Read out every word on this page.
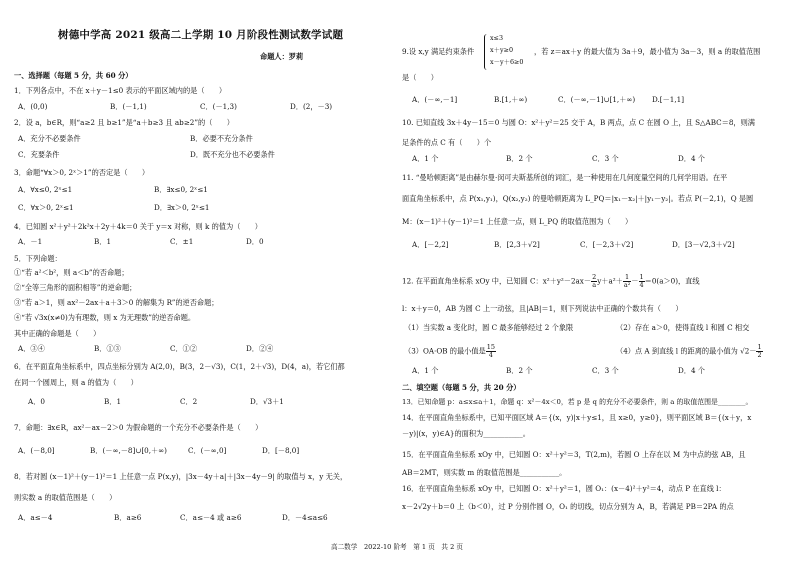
树德中学高 2021 级高二上学期 10 月阶段性测试数学试题
命题人：罗莉
一、选择题（每题 5 分，共 60 分）
1．下列各点中，不在 x＋y－1≤0 表示的平面区域内的是（　　）
A．(0,0)	B．(－1,1)	C．(－1,3)	D．(2，－3)
2．设 a，b∈R，则“a≥2 且 b≥1”是“a＋b≥3 且 ab≥2”的（　　）
A．充分不必要条件	B．必要不充分条件
C．充要条件	D．既不充分也不必要条件
3．命题“∀x＞0, 2ˣ＞1”的否定是（　　）
A．∀x≤0, 2ˣ≤1	B．∃x≤0, 2ˣ≤1
C．∀x＞0, 2ˣ≤1	D．∃x＞0, 2ˣ≤1
4．已知圆 x²＋y²＋2k²x＋2y＋4k＝0 关于 y＝x 对称，则 k 的值为（　　）
A．－1	B．1	C．±1	D．0
5．下列命题：
①“若 a²＜b²，则 a＜b”的否命题；
②“全等三角形的面积相等”的逆命题；
③“若 a＞1，则 ax²－2ax＋a＋3＞0 的解集为 R”的逆否命题；
④“若 √3x(x≠0)为有理数，则 x 为无理数”的逆否命题。
其中正确的命题是（　　）
A．③④	B．①③	C．①②	D．②④
6．在平面直角坐标系中，四点坐标分别为 A(2,0)，B(3，2－√3)，C(1，2＋√3)，D(4，a)，若它们都
在同一个圆周上，则 a 的值为（　　）
A．0	B．1	C．2	D．√3＋1
7．命题：∃x∈R，ax²－ax－2＞0 为假命题的一个充分不必要条件是（　　）
A．(－8,0]	B．(－∞,－8]∪[0,＋∞)	C．(－∞,0]	D．[－8,0]
8．若对圆 (x－1)²＋(y－1)²＝1 上任意一点 P(x,y)，|3x－4y＋a|＋|3x－4y－9| 的取值与 x，y 无关，
则实数 a 的取值范围是（　　）
A．a≤－4	B．a≥6	C．a≤－4 或 a≥6	D．－4≤a≤6
9.设 x,y 满足约束条件
x≤3
x＋y≥0
x－y＋6≥0
，若 z＝ax＋y 的最大值为 3a＋9，最小值为 3a－3，则 a 的取值范围
是（　　）
A．(－∞,－1]	B.[1,＋∞)	C．(－∞,－1]∪[1,＋∞) D.[－1,1]
10. 已知直线 3x＋4y－15＝0 与圆 O：x²＋y²＝25 交于 A，B 两点，点 C 在圆 O 上，且 S△ABC＝8，则满
足条件的点 C 有（　　）个
A．1 个	B．2 个	C．3 个	D．4 个
11. “曼哈顿距离”是由赫尔曼·闵可夫斯基所创的词汇，是一种使用在几何度量空间的几何学用语。在平
面直角坐标系中，点 P(x₁,y₁)，Q(x₂,y₂) 的曼哈顿距离为 L_PQ＝|x₁－x₂|＋|y₁－y₂|。若点 P(－2,1)，Q 是圆
M：(x－1)²＋(y－1)²＝1 上任意一点，则 L_PQ 的取值范围为（　　）
A．[－2,2]	B．[2,3＋√2]	C．[－2,3＋√2]	D．[3－√2,3＋√2]
12. 在平面直角坐标系 xOy 中，已知圆 C：$x^2+y^2-2ax- \frac{2}{a} y+a^2+ \frac{1}{\text{a²}} - \frac{1}{4} =0(a>0)$，直线
l：x＋y＝0，AB 为圆 C 上一动弦，且|AB|＝1，则下列说法中正确的个数共有（　　）
（1）当实数 a 变化时，圆 C 最多能够经过 2 个象限	（2）存在 a＞0，使得直线 l 和圆 C 相交
（3）OA·OB 的最小值是 $\frac{15}{4}$	（4）点 A 到直线 l 的距离的最小值为 $√2- \frac{1}{2}$
A．1 个	B．2 个	C．3 个	D．4 个
二、填空题（每题 5 分，共 20 分）
13．已知命题 p：a≤x≤a＋1，命题 q：x²－4x＜0，若 p 是 q 的充分不必要条件，则 a 的取值范围是________。
14．在平面直角坐标系中，已知平面区域 A＝{(x，y)|x＋y≤1，且 x≥0，y≥0}，则平面区域 B＝{(x＋y，x
－y)|(x，y)∈A}的面积为___________。
15．在平面直角坐标系 xOy 中，已知圆 O：x²＋y²＝3，T(2,m)，若圆 O 上存在以 M 为中点的弦 AB，且
AB＝2MT，则实数 m 的取值范围是___________。
16．在平面直角坐标系 xOy 中，已知圆 O：x²＋y²＝1，圆 O₁：(x－4)²＋y²＝4，动点 P 在直线 l：
x－2√2y＋b＝0 上（b＜0），过 P 分别作圆 O，O₁ 的切线，切点分别为 A，B，若满足 PB＝2PA 的点
高二数学　2022-10 阶考　第 1 页　共 2 页
